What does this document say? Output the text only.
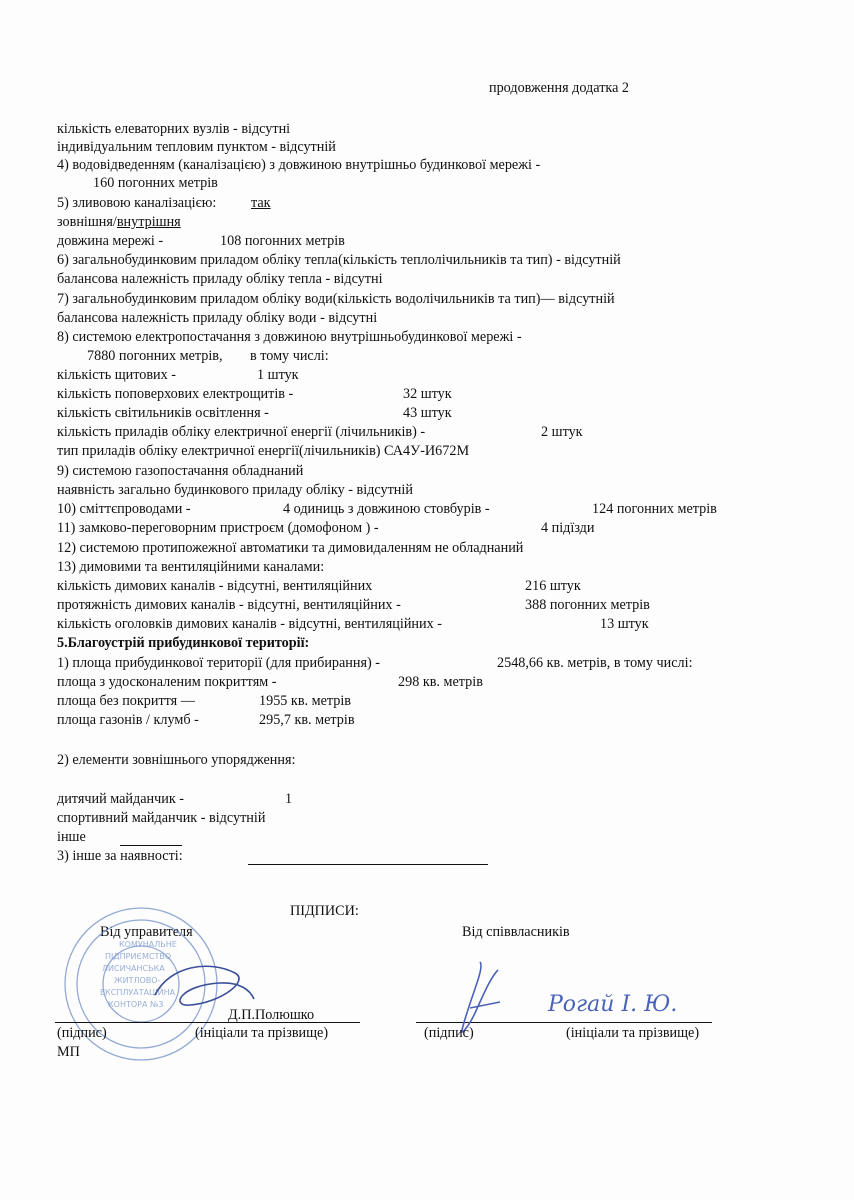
продовження додатка 2
кількість елеваторних вузлів - відсутні
індивідуальним тепловим пунктом - відсутній
4) водовідведенням (каналізацією) з довжиною внутрішньо будинкової мережі -
160 погонних метрів
5) зливовою каналізацією: так
зовнішня/внутрішня
довжина мережі -	108 погонних метрів
6) загальнобудинковим приладом обліку тепла(кількість теплолічильників та тип) - відсутній
балансова належність приладу обліку тепла - відсутні
7) загальнобудинковим приладом обліку води(кількість водолічильників та тип)— відсутній
балансова належність приладу обліку води - відсутні
8) системою електропостачання з довжиною внутрішньобудинкової мережі -
7880 погонних метрів, в тому числі:
кількість щитових -	1 штук
кількість поповерхових електрощитів -	32 штук
кількість світильників освітлення -	43 штук
кількість приладів обліку електричної енергії (лічильників) -	2 штук
тип приладів обліку електричної енергії(лічильників) СА4У-И672М
9) системою газопостачання обладнаний
наявність загально будинкового приладу обліку - відсутній
10) сміттєпроводами -	4 одиниць з довжиною стовбурів -	124 погонних метрів
11) замково-переговорним пристроєм (домофоном ) -	4 підїзди
12) системою протипожежної автоматики та димовидаленням не обладнаний
13) димовими та вентиляційними каналами:
кількість димових каналів - відсутні, вентиляційних	216 штук
протяжність димових каналів - відсутні, вентиляційних -	388 погонних метрів
кількість оголовків димових каналів - відсутні, вентиляційних -	13 штук
5.Благоустрій прибудинкової території:
1) площа прибудинкової території (для прибирання) -	2548,66 кв. метрів, в тому числі:
площа з удосконаленим покриттям -	298 кв. метрів
площа без покриття —	1955 кв. метрів
площа газонів / клумб -	295,7 кв. метрів
2) елементи зовнішнього упорядження:
дитячий майданчик -	1
спортивний майданчик - відсутній
інше
3) інше за наявності:
ПІДПИСИ:
Від управителя	Від співвласників
КОМУНАЛЬНЕ
ПІДПРИЄМСТВО
ЛИСИЧАНСЬКА
ЖИТЛОВО-
ЕКСПЛУАТАЦІЙНА
КОНТОРА №3
Д.П.Полюшко	Рогай І. Ю.
(підпис)	(ініціали та прізвище)	(підпис)	(ініціали та прізвище)
МП
